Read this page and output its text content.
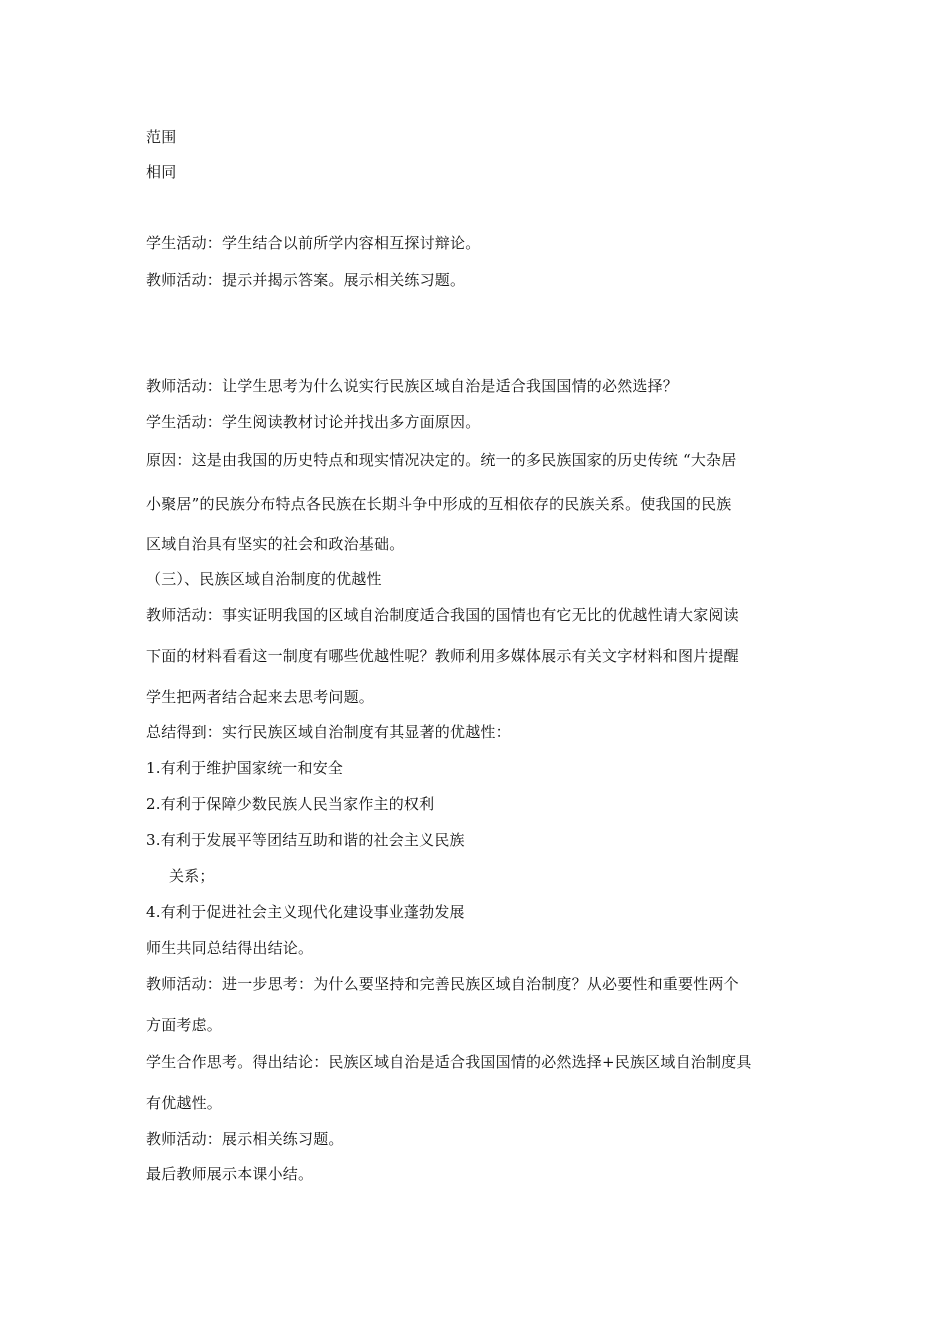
范围
相同
学生活动：学生结合以前所学内容相互探讨辩论。
教师活动：提示并揭示答案。展示相关练习题。
教师活动：让学生思考为什么说实行民族区域自治是适合我国国情的必然选择？
学生活动：学生阅读教材讨论并找出多方面原因。
原因：这是由我国的历史特点和现实情况决定的。统一的多民族国家的历史传统 “大杂居
小聚居”的民族分布特点各民族在长期斗争中形成的互相依存的民族关系。使我国的民族
区域自治具有坚实的社会和政治基础。
（三）、民族区域自治制度的优越性
教师活动：事实证明我国的区域自治制度适合我国的国情也有它无比的优越性请大家阅读
下面的材料看看这一制度有哪些优越性呢？教师利用多媒体展示有关文字材料和图片提醒
学生把两者结合起来去思考问题。
总结得到：实行民族区域自治制度有其显著的优越性：
1.有利于维护国家统一和安全
2.有利于保障少数民族人民当家作主的权利
3.有利于发展平等团结互助和谐的社会主义民族
关系；
4.有利于促进社会主义现代化建设事业蓬勃发展
师生共同总结得出结论。
教师活动：进一步思考：为什么要坚持和完善民族区域自治制度？从必要性和重要性两个
方面考虑。
学生合作思考。得出结论：民族区域自治是适合我国国情的必然选择+民族区域自治制度具
有优越性。
教师活动：展示相关练习题。
最后教师展示本课小结。
